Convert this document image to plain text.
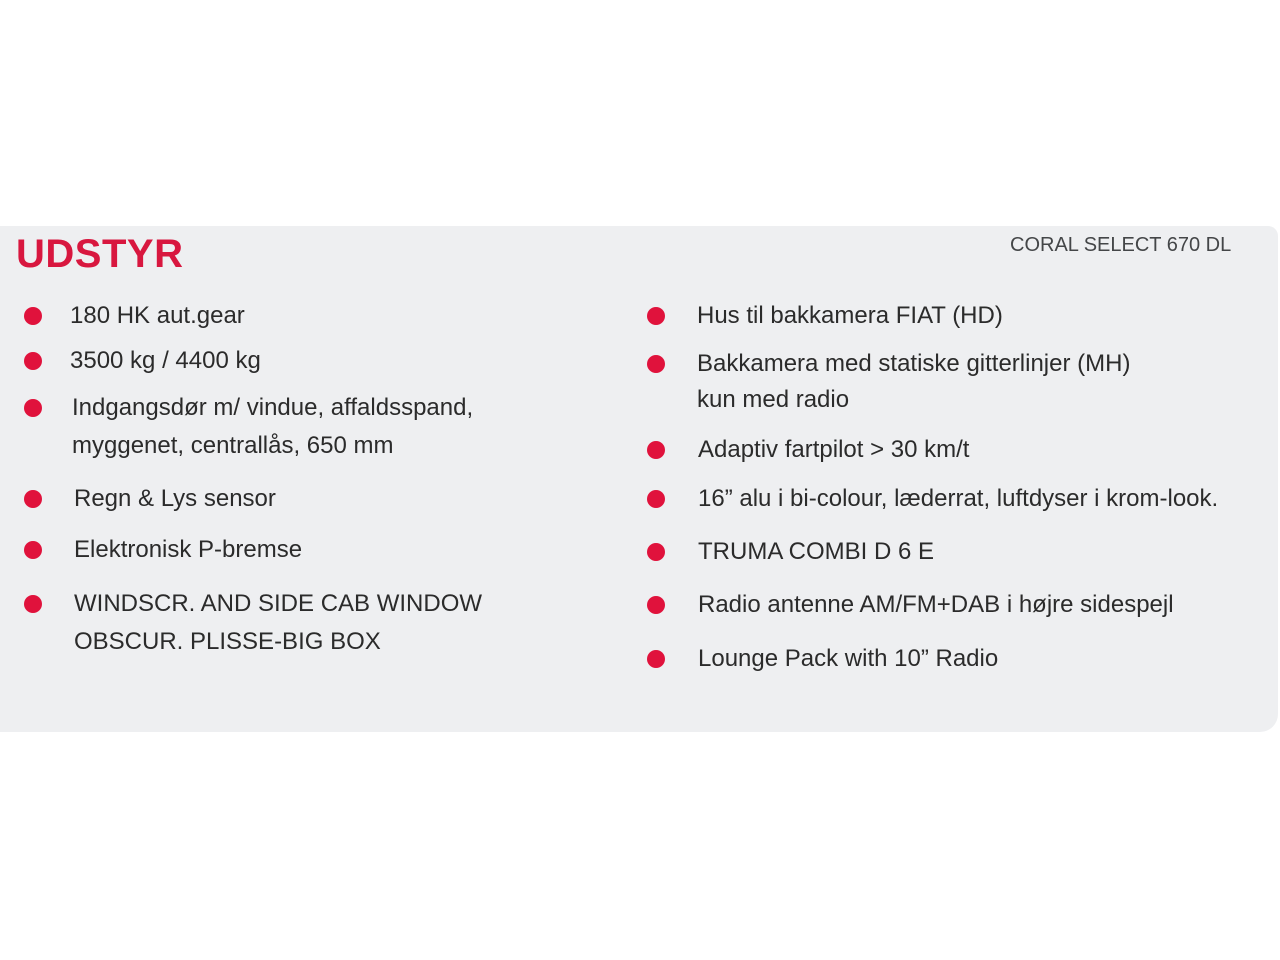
UDSTYR	CORAL SELECT 670 DL
180 HK aut.gear
3500 kg / 4400 kg
Indgangsdør m/ vindue, affaldsspand,
myggenet, centrallås, 650 mm
Regn & Lys sensor
Elektronisk P-bremse
WINDSCR. AND SIDE CAB WINDOW
OBSCUR. PLISSE-BIG BOX
Hus til bakkamera FIAT (HD)
Bakkamera med statiske gitterlinjer (MH)
kun med radio
Adaptiv fartpilot > 30 km/t
16” alu i bi-colour, læderrat, luftdyser i krom-look.
TRUMA COMBI D 6 E
Radio antenne AM/FM+DAB i højre sidespejl
Lounge Pack with 10” Radio
